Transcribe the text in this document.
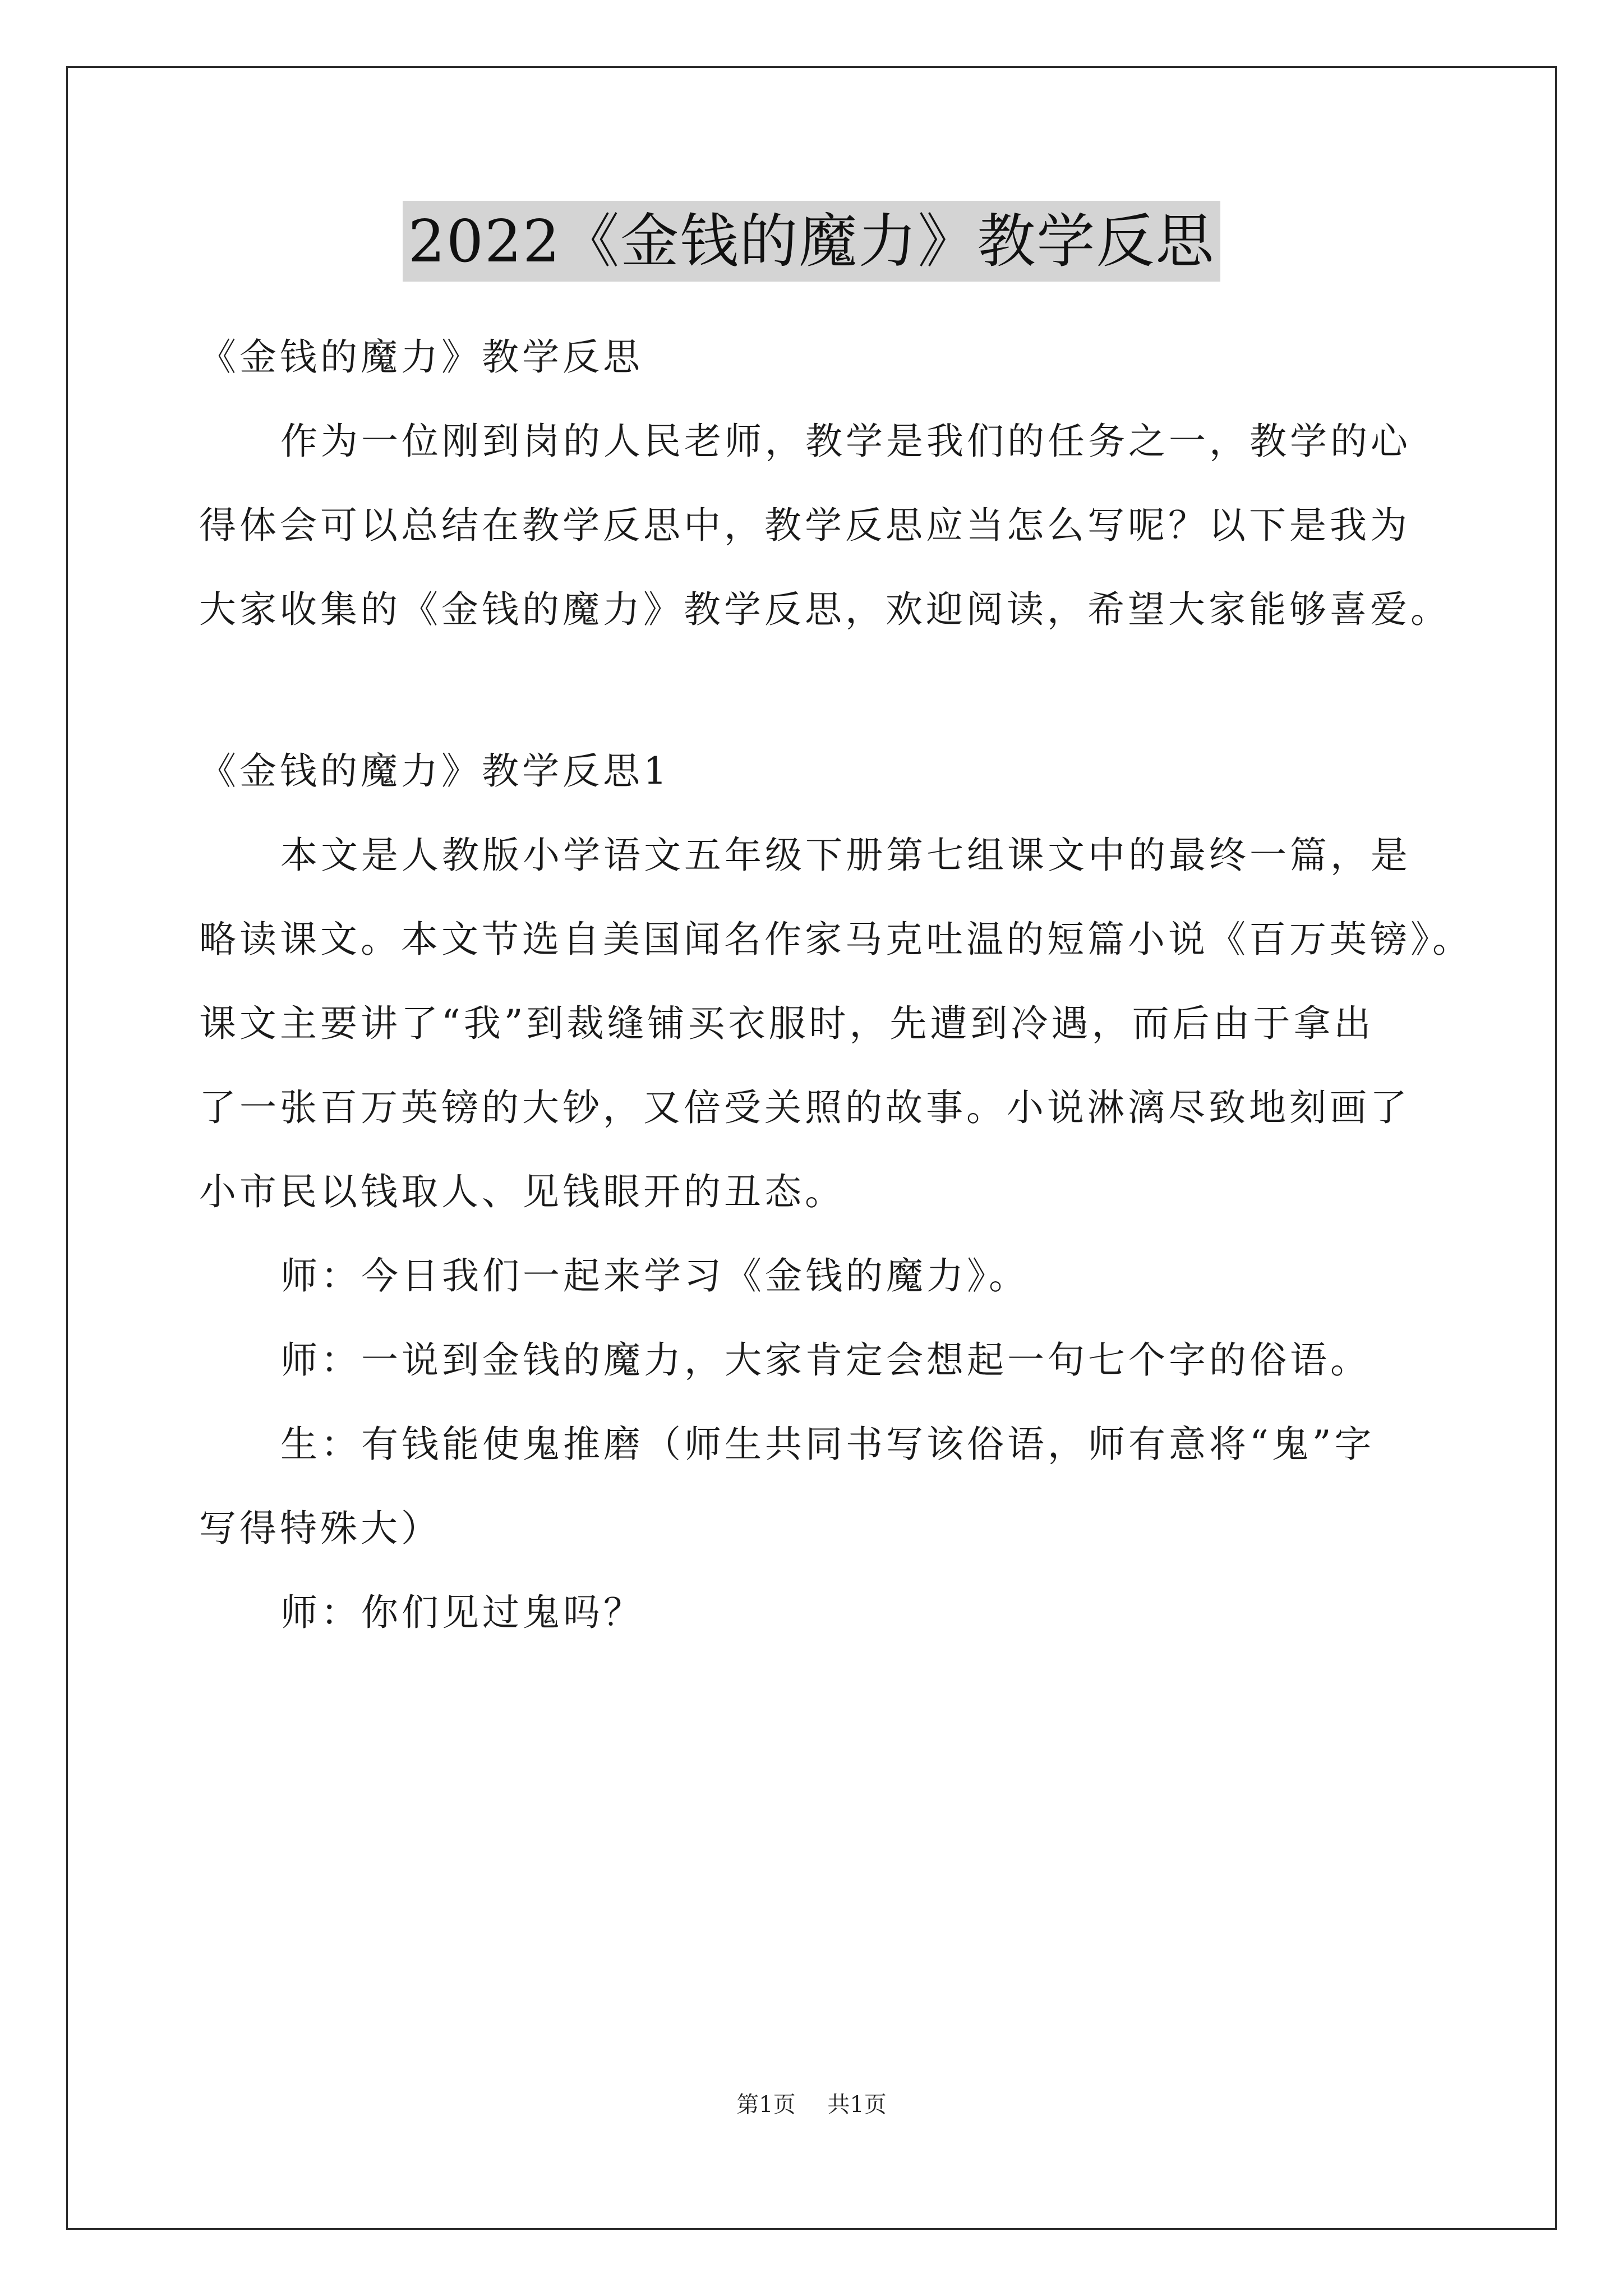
2022《金钱的魔力》教学反思
《金钱的魔力》教学反思
作为一位刚到岗的人民老师，教学是我们的任务之一，教学的心
得体会可以总结在教学反思中，教学反思应当怎么写呢？以下是我为
大家收集的《金钱的魔力》教学反思，欢迎阅读，希望大家能够喜爱。
《金钱的魔力》教学反思1
本文是人教版小学语文五年级下册第七组课文中的最终一篇，是
略读课文。本文节选自美国闻名作家马克吐温的短篇小说《百万英镑》。
课文主要讲了“我”到裁缝铺买衣服时，先遭到冷遇，而后由于拿出
了一张百万英镑的大钞，又倍受关照的故事。小说淋漓尽致地刻画了
小市民以钱取人、见钱眼开的丑态。
师：今日我们一起来学习《金钱的魔力》。
师：一说到金钱的魔力，大家肯定会想起一句七个字的俗语。
生：有钱能使鬼推磨（师生共同书写该俗语，师有意将“鬼”字
写得特殊大）
师：你们见过鬼吗？
第1页 共1页
